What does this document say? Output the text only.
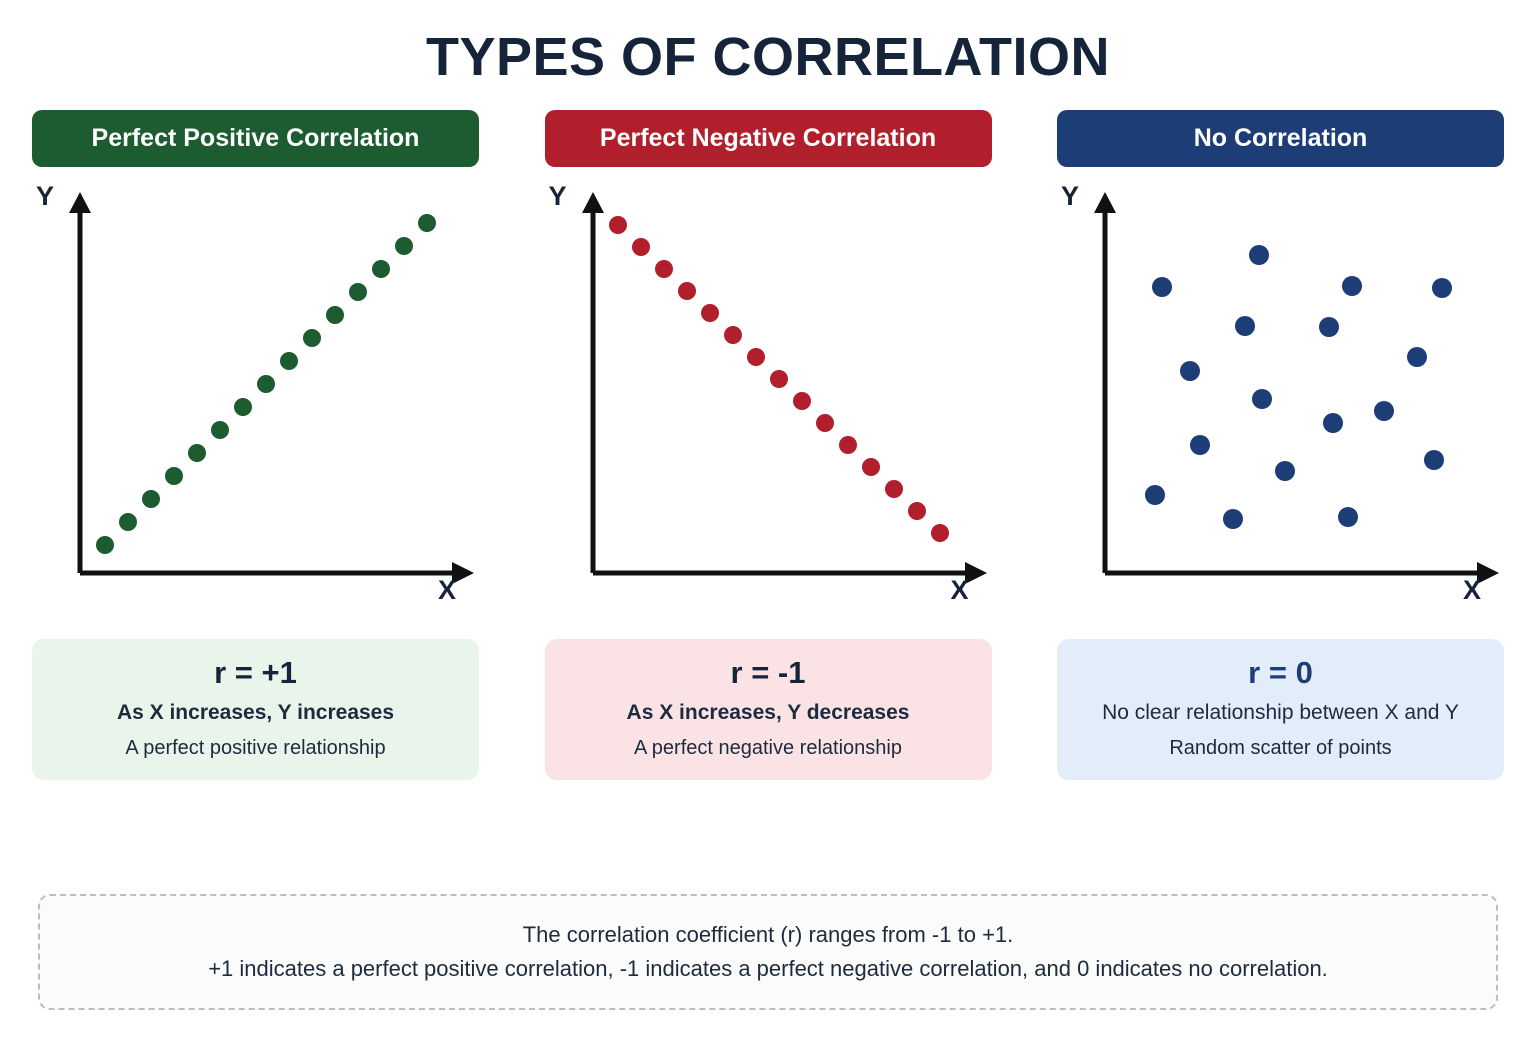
TYPES OF CORRELATION
Perfect Positive Correlation
Y
X
r = +1
As X increases, Y increases
A perfect positive relationship
Perfect Negative Correlation
Y
X
r = -1
As X increases, Y decreases
A perfect negative relationship
No Correlation
Y
X
r = 0
No clear relationship between X and Y
Random scatter of points
The correlation coefficient (r) ranges from -1 to +1.
+1 indicates a perfect positive correlation, -1 indicates a perfect negative correlation, and 0 indicates no correlation.
